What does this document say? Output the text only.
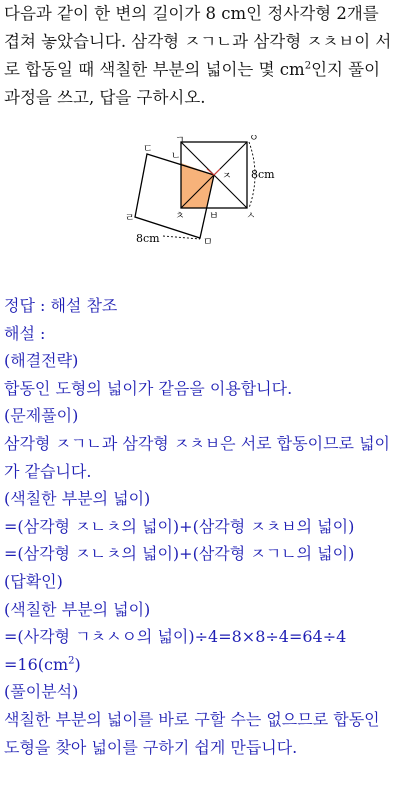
다음과 같이 한 변의 길이가 8 cm인 정사각형 2개를 겹쳐 놓았습니다. 삼각형 ㅈㄱㄴ과 삼각형 ㅈㅊㅂ이 서로 합동일 때 색칠한 부분의 넓이는 몇 $cm^2$인지 풀이 과정을 쓰고, 답을 구하시오.

ㄱ	ㅇ
ㄷ
ㄴ
ㅈ
ㄹ	ㅊ ㅂ	ㅅ
ㅁ
8cm
8cm
정답 : 해설 참조
해설 :
(해결전략)
합동인 도형의 넓이가 같음을 이용합니다.
(문제풀이)
삼각형 ㅈㄱㄴ과 삼각형 ㅈㅊㅂ은 서로 합동이므로 넓이가 같습니다.
(색칠한 부분의 넓이)
=(삼각형 ㅈㄴㅊ의 넓이)+(삼각형 ㅈㅊㅂ의 넓이)
=(삼각형 ㅈㄴㅊ의 넓이)+(삼각형 ㅈㄱㄴ의 넓이)
(답확인)
(색칠한 부분의 넓이)
=(사각형 ㄱㅊㅅㅇ의 넓이)÷4=8×8÷4=64÷4
$=16(cm^2)$
(풀이분석)
색칠한 부분의 넓이를 바로 구할 수는 없으므로 합동인 도형을 찾아 넓이를 구하기 쉽게 만듭니다.
